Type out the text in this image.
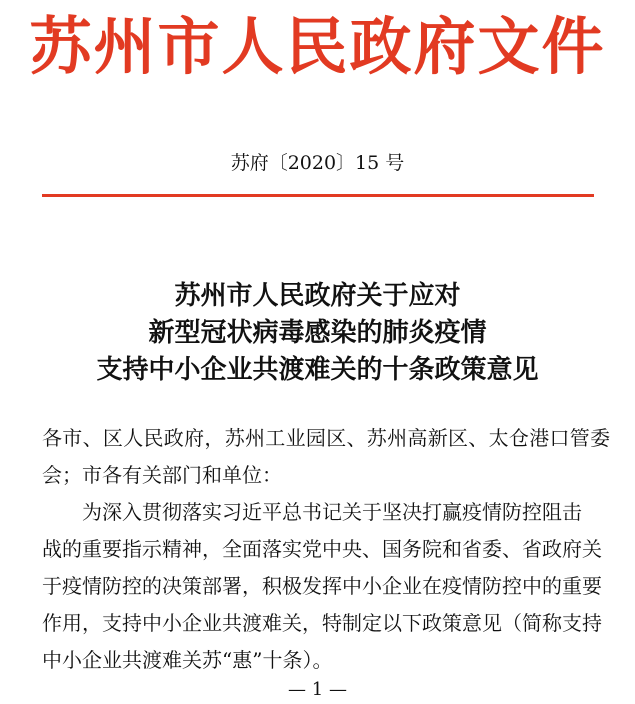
苏州市人民政府文件
苏府〔2020〕15 号
苏州市人民政府关于应对
新型冠状病毒感染的肺炎疫情
支持中小企业共渡难关的十条政策意见
各市、区人民政府，苏州工业园区、苏州高新区、太仓港口管委
会；市各有关部门和单位：
为深入贯彻落实习近平总书记关于坚决打赢疫情防控阻击
战的重要指示精神，全面落实党中央、国务院和省委、省政府关
于疫情防控的决策部署，积极发挥中小企业在疫情防控中的重要
作用，支持中小企业共渡难关，特制定以下政策意见（简称支持
中小企业共渡难关苏“惠”十条）。
— 1 —
